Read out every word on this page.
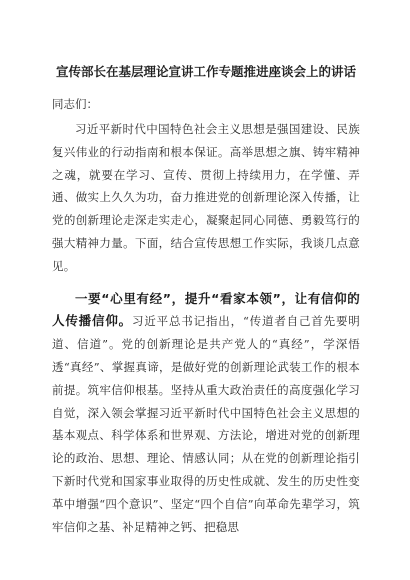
宣传部长在基层理论宣讲工作专题推进座谈会上的讲话
同志们：

习近平新时代中国特色社会主义思想是强国建设、民族复兴伟业的行动指南和根本保证。高举思想之旗、铸牢精神之魂，就要在学习、宣传、贯彻上持续用力，在学懂、弄通、做实上久久为功，奋力推进党的创新理论深入传播，让党的创新理论走深走实走心，凝聚起同心同德、勇毅笃行的强大精神力量。下面，结合宣传思想工作实际，我谈几点意见。

一要“心里有经”，提升“看家本领”，让有信仰的人传播信仰。习近平总书记指出，“传道者自己首先要明道、信道”。党的创新理论是共产党人的“真经”，学深悟透“真经”、掌握真谛，是做好党的创新理论武装工作的根本前提。筑牢信仰根基。坚持从重大政治责任的高度强化学习自觉，深入领会掌握习近平新时代中国特色社会主义思想的基本观点、科学体系和世界观、方法论，增进对党的创新理论的政治、思想、理论、情感认同；从在党的创新理论指引下新时代党和国家事业取得的历史性成就、发生的历史性变革中增强“四个意识”、坚定“四个自信”向革命先辈学习，筑牢信仰之基、补足精神之钙、把稳思
